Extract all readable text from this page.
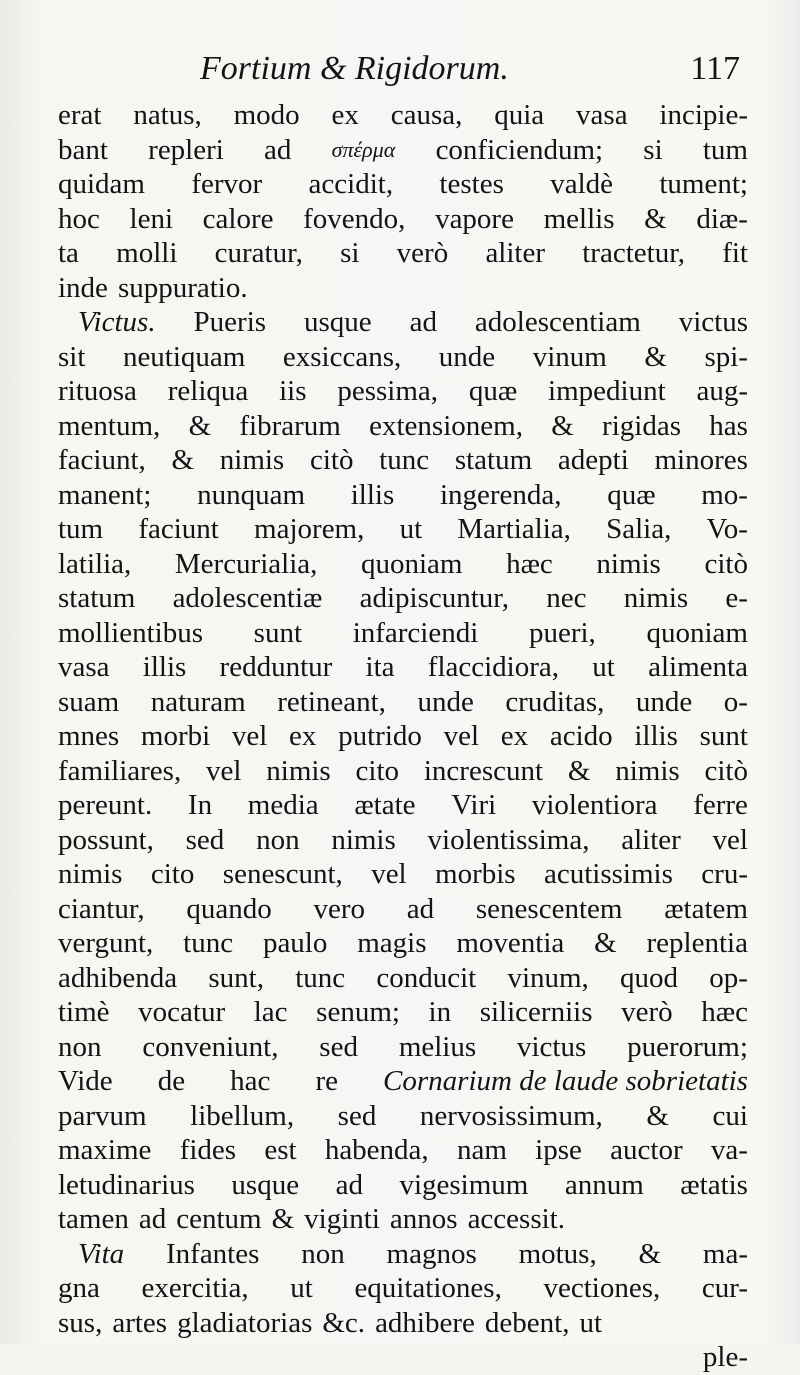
Fortium & Rigidorum.	117
erat natus, modo ex causa, quia vasa incipie-
bant repleri ad σπέρμα conficiendum; si tum
quidam fervor accidit, testes valdè tument;
hoc leni calore fovendo, vapore mellis & diæ-
ta molli curatur, si verò aliter tractetur, fit
inde suppuratio.
Victus. Pueris usque ad adolescentiam victus
sit neutiquam exsiccans, unde vinum & spi-
rituosa reliqua iis pessima, quæ impediunt aug-
mentum, & fibrarum extensionem, & rigidas has
faciunt, & nimis citò tunc statum adepti minores
manent; nunquam illis ingerenda, quæ mo-
tum faciunt majorem, ut Martialia, Salia, Vo-
latilia, Mercurialia, quoniam hæc nimis citò
statum adolescentiæ adipiscuntur, nec nimis e-
mollientibus sunt infarciendi pueri, quoniam
vasa illis redduntur ita flaccidiora, ut alimenta
suam naturam retineant, unde cruditas, unde o-
mnes morbi vel ex putrido vel ex acido illis sunt
familiares, vel nimis cito increscunt & nimis citò
pereunt. In media ætate Viri violentiora ferre
possunt, sed non nimis violentissima, aliter vel
nimis cito senescunt, vel morbis acutissimis cru-
ciantur, quando vero ad senescentem ætatem
vergunt, tunc paulo magis moventia & replentia
adhibenda sunt, tunc conducit vinum, quod op-
timè vocatur lac senum; in silicerniis verò hæc
non conveniunt, sed melius victus puerorum;
Vide de hac re Cornarium de laude sobrietatis
parvum libellum, sed nervosissimum, & cui
maxime fides est habenda, nam ipse auctor va-
letudinarius usque ad vigesimum annum ætatis
tamen ad centum & viginti annos accessit.
Vita Infantes non magnos motus, & ma-
gna exercitia, ut equitationes, vectiones, cur-
sus, artes gladiatorias &c. adhibere debent, ut
ple-
